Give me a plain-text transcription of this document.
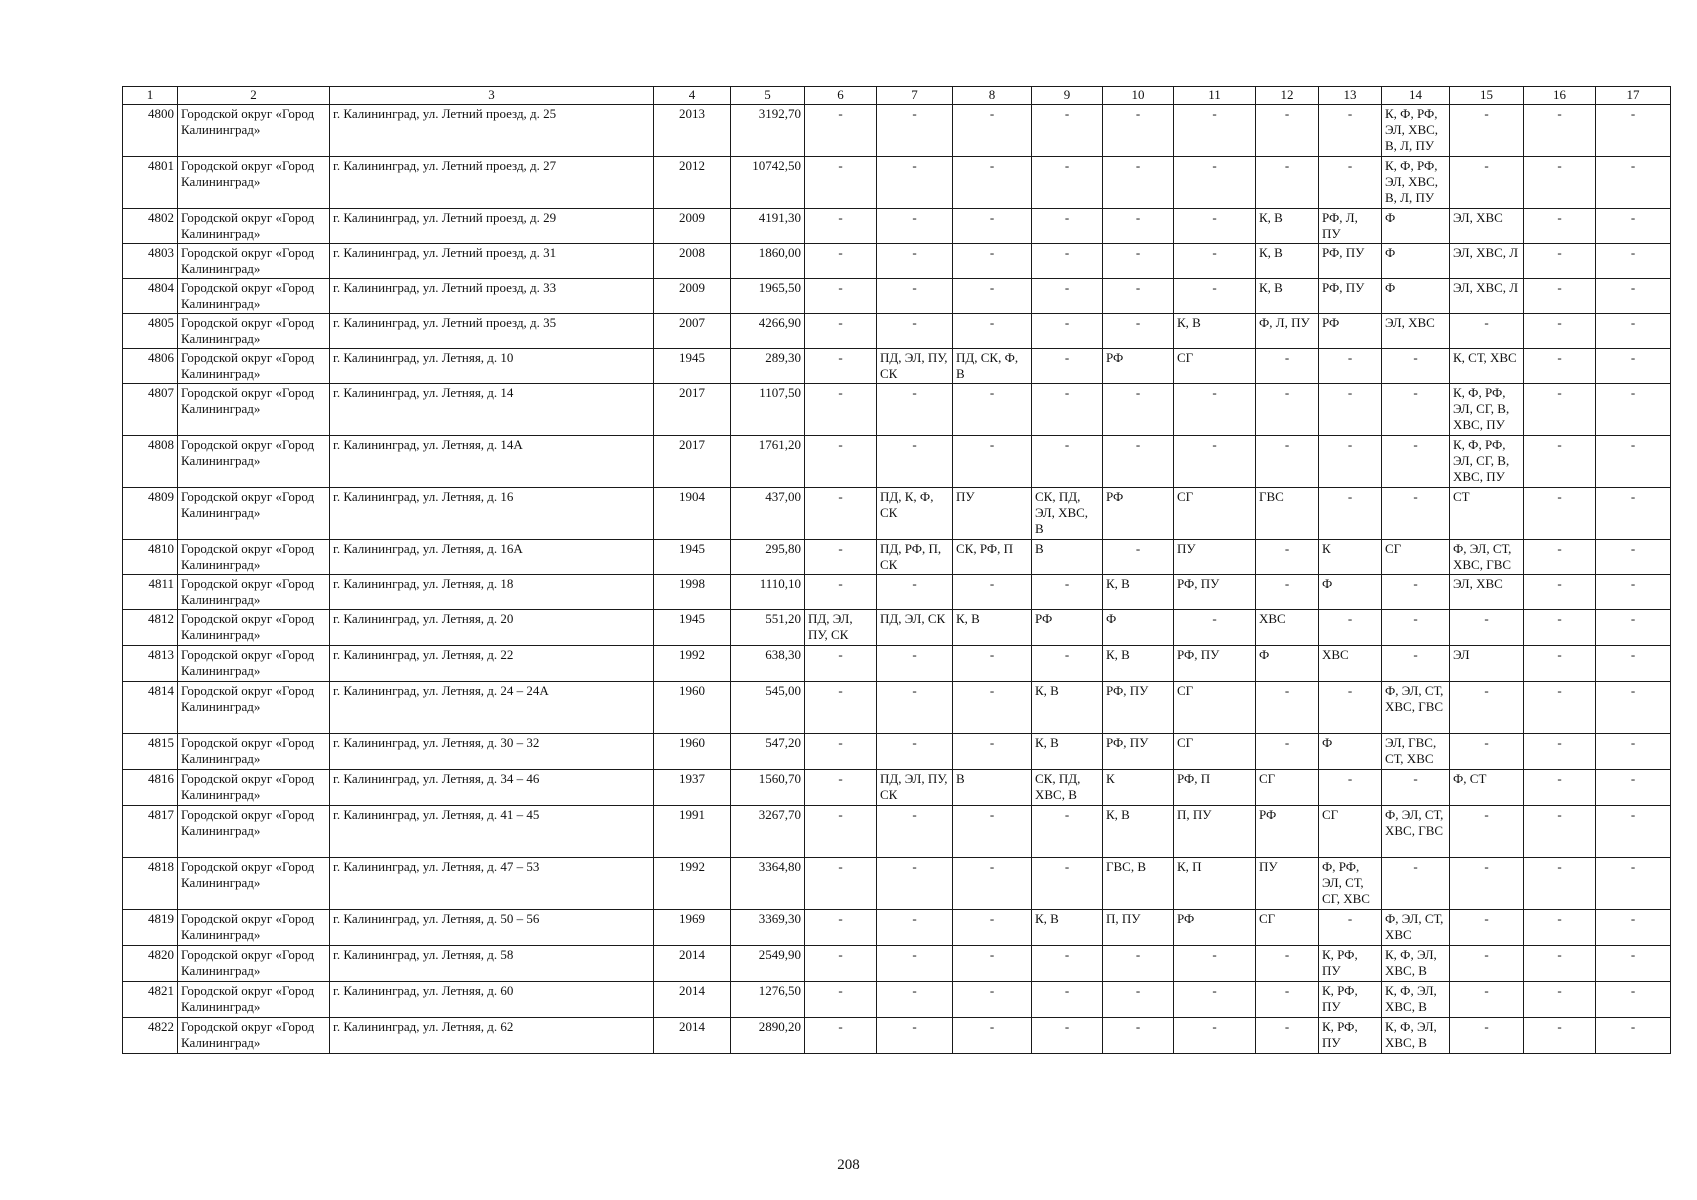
1	2	3	4	5	6	7	8	9	10	11	12	13	14	15	16	17
4800	Городской округ «Город Калининград»	г. Калининград, ул. Летний проезд, д. 25	2013	3192,70	-	-	-	-	-	-	-	-	К, Ф, РФ, ЭЛ, ХВС, В, Л, ПУ	-	-	-
4801	Городской округ «Город Калининград»	г. Калининград, ул. Летний проезд, д. 27	2012	10742,50	-	-	-	-	-	-	-	-	К, Ф, РФ, ЭЛ, ХВС, В, Л, ПУ	-	-	-
4802	Городской округ «Город Калининград»	г. Калининград, ул. Летний проезд, д. 29	2009	4191,30	-	-	-	-	-	-	К, В	РФ, Л, ПУ	Ф	ЭЛ, ХВС	-	-
4803	Городской округ «Город Калининград»	г. Калининград, ул. Летний проезд, д. 31	2008	1860,00	-	-	-	-	-	-	К, В	РФ, ПУ	Ф	ЭЛ, ХВС, Л	-	-
4804	Городской округ «Город Калининград»	г. Калининград, ул. Летний проезд, д. 33	2009	1965,50	-	-	-	-	-	-	К, В	РФ, ПУ	Ф	ЭЛ, ХВС, Л	-	-
4805	Городской округ «Город Калининград»	г. Калининград, ул. Летний проезд, д. 35	2007	4266,90	-	-	-	-	-	К, В	Ф, Л, ПУ	РФ	ЭЛ, ХВС	-	-	-
4806	Городской округ «Город Калининград»	г. Калининград, ул. Летняя, д. 10	1945	289,30	-	ПД, ЭЛ, ПУ, СК	ПД, СК, Ф, В	-	РФ	СГ	-	-	-	К, СТ, ХВС	-	-
4807	Городской округ «Город Калининград»	г. Калининград, ул. Летняя, д. 14	2017	1107,50	-	-	-	-	-	-	-	-	-	К, Ф, РФ, ЭЛ, СГ, В, ХВС, ПУ	-	-
4808	Городской округ «Город Калининград»	г. Калининград, ул. Летняя, д. 14А	2017	1761,20	-	-	-	-	-	-	-	-	-	К, Ф, РФ, ЭЛ, СГ, В, ХВС, ПУ	-	-
4809	Городской округ «Город Калининград»	г. Калининград, ул. Летняя, д. 16	1904	437,00	-	ПД, К, Ф, СК	ПУ	СК, ПД, ЭЛ, ХВС, В	РФ	СГ	ГВС	-	-	СТ	-	-
4810	Городской округ «Город Калининград»	г. Калининград, ул. Летняя, д. 16А	1945	295,80	-	ПД, РФ, П, СК	СК, РФ, П	В	-	ПУ	-	К	СГ	Ф, ЭЛ, СТ, ХВС, ГВС	-	-
4811	Городской округ «Город Калининград»	г. Калининград, ул. Летняя, д. 18	1998	1110,10	-	-	-	-	К, В	РФ, ПУ	-	Ф	-	ЭЛ, ХВС	-	-
4812	Городской округ «Город Калининград»	г. Калининград, ул. Летняя, д. 20	1945	551,20	ПД, ЭЛ, ПУ, СК	ПД, ЭЛ, СК	К, В	РФ	Ф	-	ХВС	-	-	-	-	-
4813	Городской округ «Город Калининград»	г. Калининград, ул. Летняя, д. 22	1992	638,30	-	-	-	-	К, В	РФ, ПУ	Ф	ХВС	-	ЭЛ	-	-
4814	Городской округ «Город Калининград»	г. Калининград, ул. Летняя, д. 24 – 24А	1960	545,00	-	-	-	К, В	РФ, ПУ	СГ	-	-	Ф, ЭЛ, СТ, ХВС, ГВС	-	-	-
4815	Городской округ «Город Калининград»	г. Калининград, ул. Летняя, д. 30 – 32	1960	547,20	-	-	-	К, В	РФ, ПУ	СГ	-	Ф	ЭЛ, ГВС, СТ, ХВС	-	-	-
4816	Городской округ «Город Калининград»	г. Калининград, ул. Летняя, д. 34 – 46	1937	1560,70	-	ПД, ЭЛ, ПУ, СК	В	СК, ПД, ХВС, В	К	РФ, П	СГ	-	-	Ф, СТ	-	-
4817	Городской округ «Город Калининград»	г. Калининград, ул. Летняя, д. 41 – 45	1991	3267,70	-	-	-	-	К, В	П, ПУ	РФ	СГ	Ф, ЭЛ, СТ, ХВС, ГВС	-	-	-
4818	Городской округ «Город Калининград»	г. Калининград, ул. Летняя, д. 47 – 53	1992	3364,80	-	-	-	-	ГВС, В	К, П	ПУ	Ф, РФ, ЭЛ, СТ, СГ, ХВС	-	-	-	-
4819	Городской округ «Город Калининград»	г. Калининград, ул. Летняя, д. 50 – 56	1969	3369,30	-	-	-	К, В	П, ПУ	РФ	СГ	-	Ф, ЭЛ, СТ, ХВС	-	-	-
4820	Городской округ «Город Калининград»	г. Калининград, ул. Летняя, д. 58	2014	2549,90	-	-	-	-	-	-	-	К, РФ, ПУ	К, Ф, ЭЛ, ХВС, В	-	-	-
4821	Городской округ «Город Калининград»	г. Калининград, ул. Летняя, д. 60	2014	1276,50	-	-	-	-	-	-	-	К, РФ, ПУ	К, Ф, ЭЛ, ХВС, В	-	-	-
4822	Городской округ «Город Калининград»	г. Калининград, ул. Летняя, д. 62	2014	2890,20	-	-	-	-	-	-	-	К, РФ, ПУ	К, Ф, ЭЛ, ХВС, В	-	-	-
208
